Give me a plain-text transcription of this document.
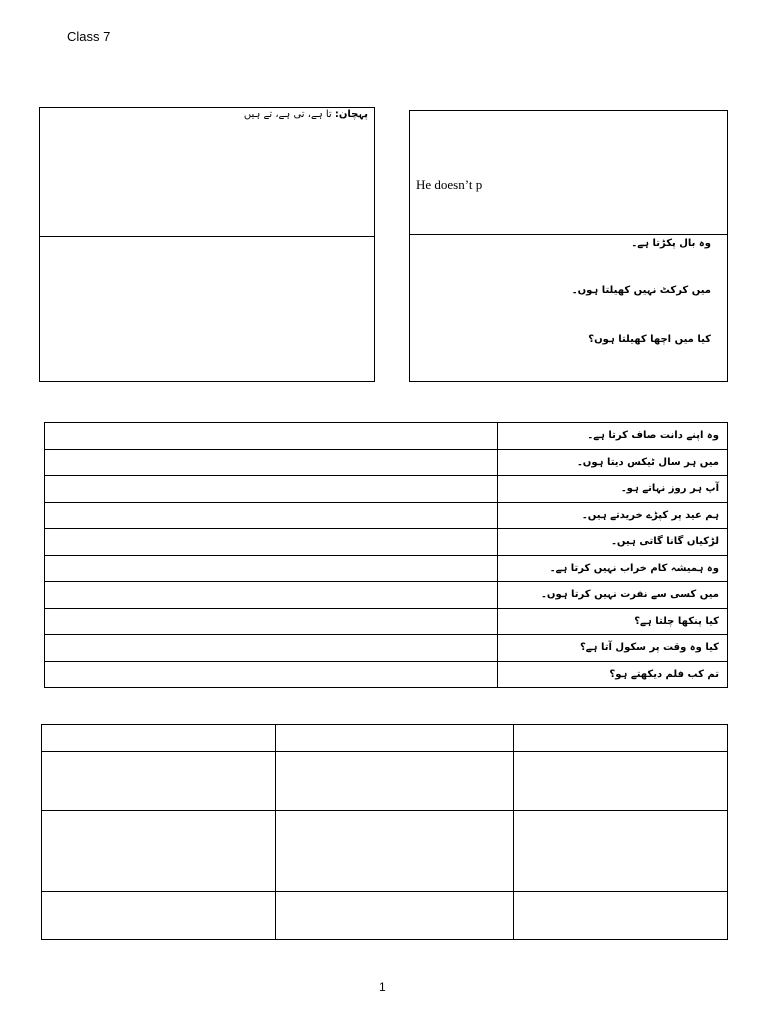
Class 7
پہچان: تا ہے، تی ہے، تے ہیں
He doesn’t p
وہ بال پکڑتا ہے۔
میں کرکٹ نہیں کھیلتا ہوں۔
کیا میں اچھا کھیلتا ہوں؟
	وہ اپنے دانت صاف کرتا ہے۔
	میں ہر سال ٹیکس دیتا ہوں۔
	آپ ہر روز نہاتے ہو۔
	ہم عید پر کپڑے خریدتے ہیں۔
	لڑکیاں گانا گاتی ہیں۔
	وہ ہمیشہ کام خراب نہیں کرتا ہے۔
	میں کسی سے نفرت نہیں کرتا ہوں۔
	کیا پنکھا چلتا ہے؟
	کیا وہ وقت پر سکول آتا ہے؟
	تم کب فلم دیکھتے ہو؟

1
